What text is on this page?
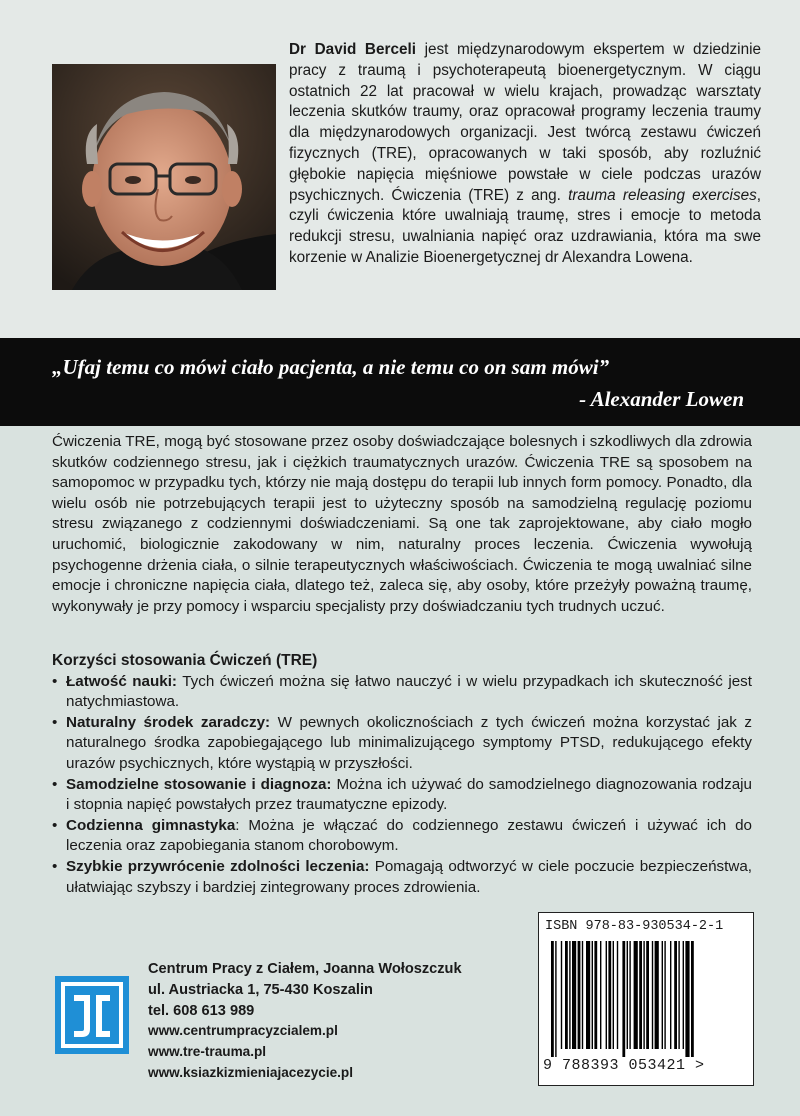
Dr David Berceli jest międzynarodowym ekspertem w dziedzinie pracy z traumą i psychoterapeutą bioenergetycznym. W ciągu ostatnich 22 lat pracował w wielu krajach, prowadząc warsztaty leczenia skutków traumy, oraz opracował programy leczenia traumy dla międzynarodowych organizacji. Jest twórcą zestawu ćwiczeń fizycznych (TRE), opracowanych w taki sposób, aby rozluźnić głębokie napięcia mięśniowe powstałe w ciele podczas urazów psychicznych. Ćwiczenia (TRE) z ang. trauma releasing exercises, czyli ćwiczenia które uwalniają traumę, stres i emocje to metoda redukcji stresu, uwalniania napięć oraz uzdrawiania, która ma swe korzenie w Analizie Bioenergetycznej dr Alexandra Lowena.

„Ufaj temu co mówi ciało pacjenta, a nie temu co on sam mówi”
- Alexander Lowen

Ćwiczenia TRE, mogą być stosowane przez osoby doświadczające bolesnych i szkodliwych dla zdrowia skutków codziennego stresu, jak i ciężkich traumatycznych urazów. Ćwiczenia TRE są sposobem na samopomoc w przypadku tych, którzy nie mają dostępu do terapii lub innych form pomocy. Ponadto, dla wielu osób nie potrzebujących terapii jest to użyteczny sposób na samodzielną regulację poziomu stresu związanego z codziennymi doświadczeniami. Są one tak zaprojektowane, aby ciało mogło uruchomić, biologicznie zakodowany w nim, naturalny proces leczenia. Ćwiczenia wywołują psychogenne drżenia ciała, o silnie terapeutycznych właściwościach. Ćwiczenia te mogą uwalniać silne emocje i chroniczne napięcia ciała, dlatego też, zaleca się, aby osoby, które przeżyły poważną traumę, wykonywały je przy pomocy i wsparciu specjalisty przy doświadczaniu tych trudnych uczuć.

Korzyści stosowania Ćwiczeń (TRE)

• Łatwość nauki: Tych ćwiczeń można się łatwo nauczyć i w wielu przypadkach ich skuteczność jest natychmiastowa.
• Naturalny środek zaradczy: W pewnych okolicznościach z tych ćwiczeń można korzystać jak z naturalnego środka zapobiegającego lub minimalizującego symptomy PTSD, redukującego efekty urazów psychicznych, które wystąpią w przyszłości.
• Samodzielne stosowanie i diagnoza: Można ich używać do samodzielnego diagnozowania rodzaju i stopnia napięć powstałych przez traumatyczne epizody.
• Codzienna gimnastyka: Można je włączać do codziennego zestawu ćwiczeń i używać ich do leczenia oraz zapobiegania stanom chorobowym.
• Szybkie przywrócenie zdolności leczenia: Pomagają odtworzyć w ciele poczucie bezpieczeństwa, ułatwiając szybszy i bardziej zintegrowany proces zdrowienia.
Centrum Pracy z Ciałem, Joanna Wołoszczuk
ul. Austriacka 1, 75-430 Koszalin
tel. 608 613 989
www.centrumpracyzcialem.pl
www.tre-trauma.pl
www.ksiazkizmieniajacezycie.pl
ISBN 978-83-930534-2-1
9 788393 053421 >
